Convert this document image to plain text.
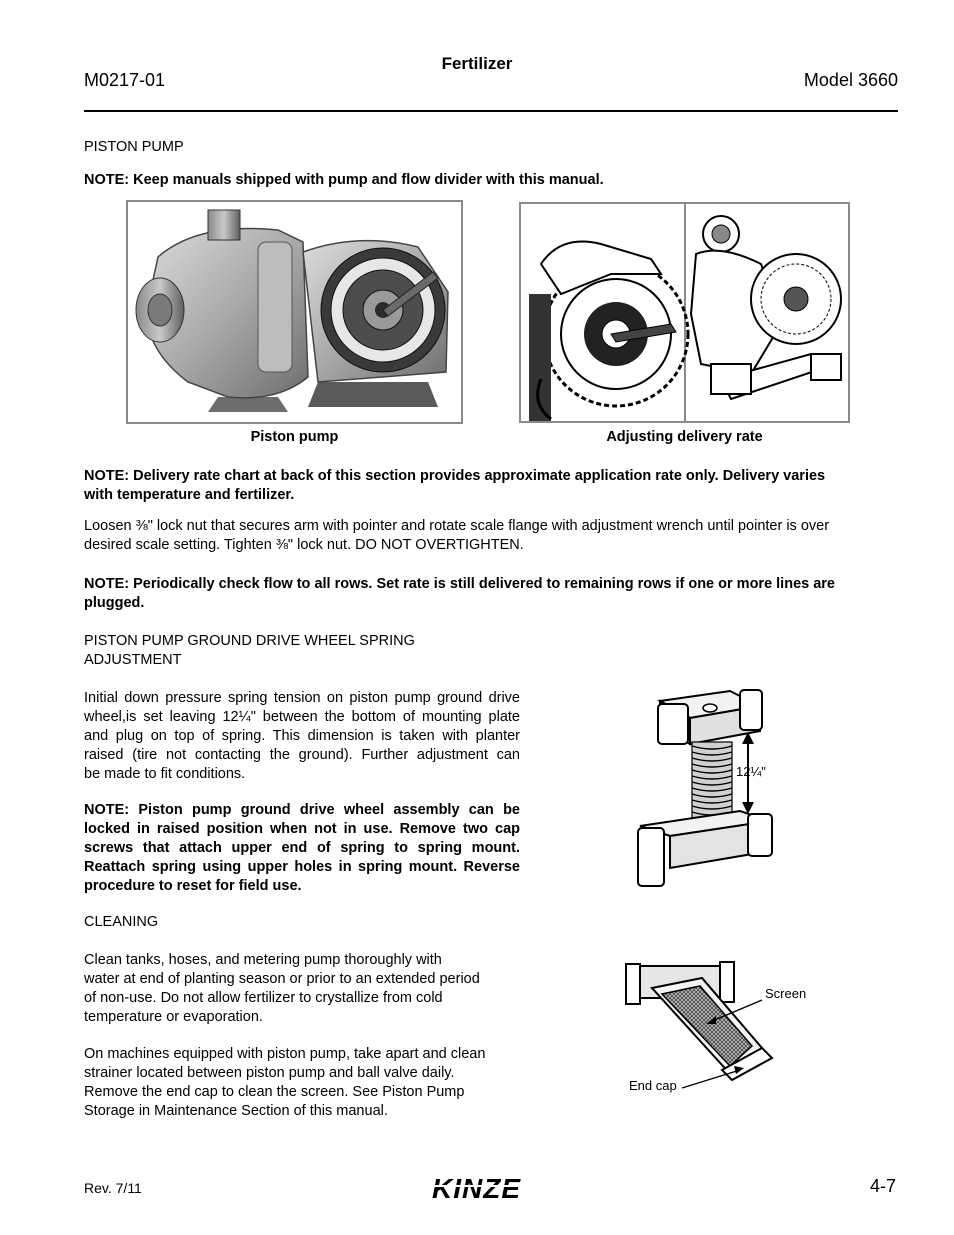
M0217-01
Fertilizer
Model 3660
PISTON PUMP
NOTE: Keep manuals shipped with pump and flow divider with this manual.
Piston pump	Adjusting delivery rate
NOTE: Delivery rate chart at back of this section provides approximate application rate only. Delivery varies
with temperature and fertilizer.
Loosen ⅜" lock nut that secures arm with pointer and rotate scale flange with adjustment wrench until pointer is over
desired scale setting. Tighten ⅜" lock nut. DO NOT OVERTIGHTEN.
NOTE: Periodically check flow to all rows. Set rate is still delivered to remaining rows if one or more lines are
plugged.
PISTON PUMP GROUND DRIVE WHEEL SPRING
ADJUSTMENT
Initial down pressure spring tension on piston pump ground drive
wheel,is set leaving 12¼" between the bottom of mounting plate
and plug on top of spring. This dimension is taken with planter
raised (tire not contacting the ground). Further adjustment can
be made to fit conditions.
NOTE: Piston pump ground drive wheel assembly can be
locked in raised position when not in use. Remove two cap
screws that attach upper end of spring to spring mount.
Reattach spring using upper holes in spring mount. Reverse
procedure to reset for field use.
12¼"
CLEANING
Clean tanks, hoses, and metering pump thoroughly with
water at end of planting season or prior to an extended period
of non-use. Do not allow fertilizer to crystallize from cold
temperature or evaporation.
On machines equipped with piston pump, take apart and clean
strainer located between piston pump and ball valve daily.
Remove the end cap to clean the screen. See Piston Pump
Storage in Maintenance Section of this manual.
Screen
End cap
Rev. 7/11	KINZE	4-7
